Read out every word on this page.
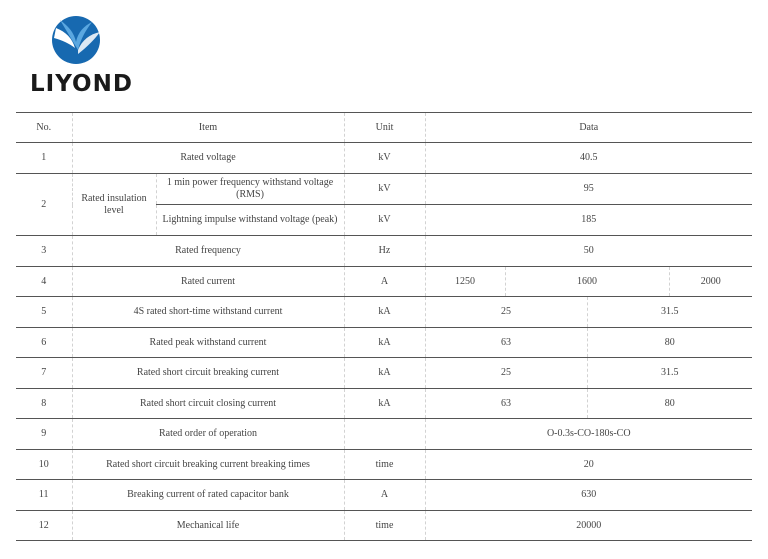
LIYOND
No.	Item		Unit	Data			
1	Rated voltage		kV	40.5			
2	Rated insulation level	1 min power frequency withstand voltage (RMS)	kV	95			
		Lightning impulse withstand voltage (peak)	kV	185			
3	Rated frequency		Hz	50			
4	Rated current		A	1250	1600		2000
5	4S rated short-time withstand current		kA	25		31.5	
6	Rated peak withstand current		kA	63		80	
7	Rated short circuit breaking current		kA	25		31.5	
8	Rated short circuit closing current		kA	63		80	
9	Rated order of operation			O-0.3s-CO-180s-CO			
10	Rated short circuit breaking current breaking times		time	20			
11	Breaking current of rated capacitor bank		A	630			
12	Mechanical life		time	20000			
